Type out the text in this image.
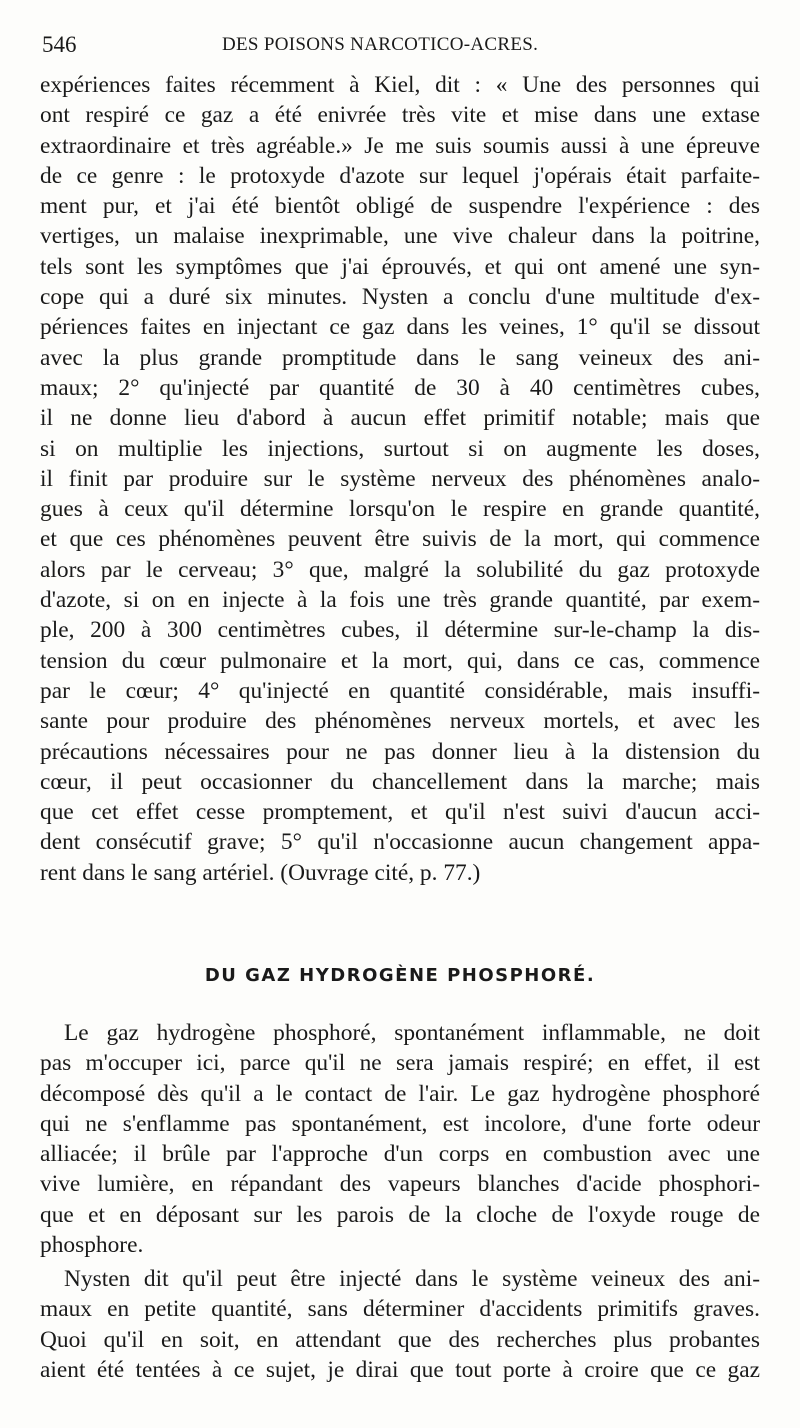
546	DES POISONS NARCOTICO-ACRES.
expériences faites récemment à Kiel, dit : « Une des personnes qui
ont respiré ce gaz a été enivrée très vite et mise dans une extase
extraordinaire et très agréable.» Je me suis soumis aussi à une épreuve
de ce genre : le protoxyde d'azote sur lequel j'opérais était parfaite-
ment pur, et j'ai été bientôt obligé de suspendre l'expérience : des
vertiges, un malaise inexprimable, une vive chaleur dans la poitrine,
tels sont les symptômes que j'ai éprouvés, et qui ont amené une syn-
cope qui a duré six minutes. Nysten a conclu d'une multitude d'ex-
périences faites en injectant ce gaz dans les veines, 1° qu'il se dissout
avec la plus grande promptitude dans le sang veineux des ani-
maux; 2° qu'injecté par quantité de 30 à 40 centimètres cubes,
il ne donne lieu d'abord à aucun effet primitif notable; mais que
si on multiplie les injections, surtout si on augmente les doses,
il finit par produire sur le système nerveux des phénomènes analo-
gues à ceux qu'il détermine lorsqu'on le respire en grande quantité,
et que ces phénomènes peuvent être suivis de la mort, qui commence
alors par le cerveau; 3° que, malgré la solubilité du gaz protoxyde
d'azote, si on en injecte à la fois une très grande quantité, par exem-
ple, 200 à 300 centimètres cubes, il détermine sur-le-champ la dis-
tension du cœur pulmonaire et la mort, qui, dans ce cas, commence
par le cœur; 4° qu'injecté en quantité considérable, mais insuffi-
sante pour produire des phénomènes nerveux mortels, et avec les
précautions nécessaires pour ne pas donner lieu à la distension du
cœur, il peut occasionner du chancellement dans la marche; mais
que cet effet cesse promptement, et qu'il n'est suivi d'aucun acci-
dent consécutif grave; 5° qu'il n'occasionne aucun changement appa-
rent dans le sang artériel. (Ouvrage cité, p. 77.)
DU GAZ HYDROGÈNE PHOSPHORÉ.
Le gaz hydrogène phosphoré, spontanément inflammable, ne doit
pas m'occuper ici, parce qu'il ne sera jamais respiré; en effet, il est
décomposé dès qu'il a le contact de l'air. Le gaz hydrogène phosphoré
qui ne s'enflamme pas spontanément, est incolore, d'une forte odeur
alliacée; il brûle par l'approche d'un corps en combustion avec une
vive lumière, en répandant des vapeurs blanches d'acide phosphori-
que et en déposant sur les parois de la cloche de l'oxyde rouge de
phosphore.
Nysten dit qu'il peut être injecté dans le système veineux des ani-
maux en petite quantité, sans déterminer d'accidents primitifs graves.
Quoi qu'il en soit, en attendant que des recherches plus probantes
aient été tentées à ce sujet, je dirai que tout porte à croire que ce gaz
